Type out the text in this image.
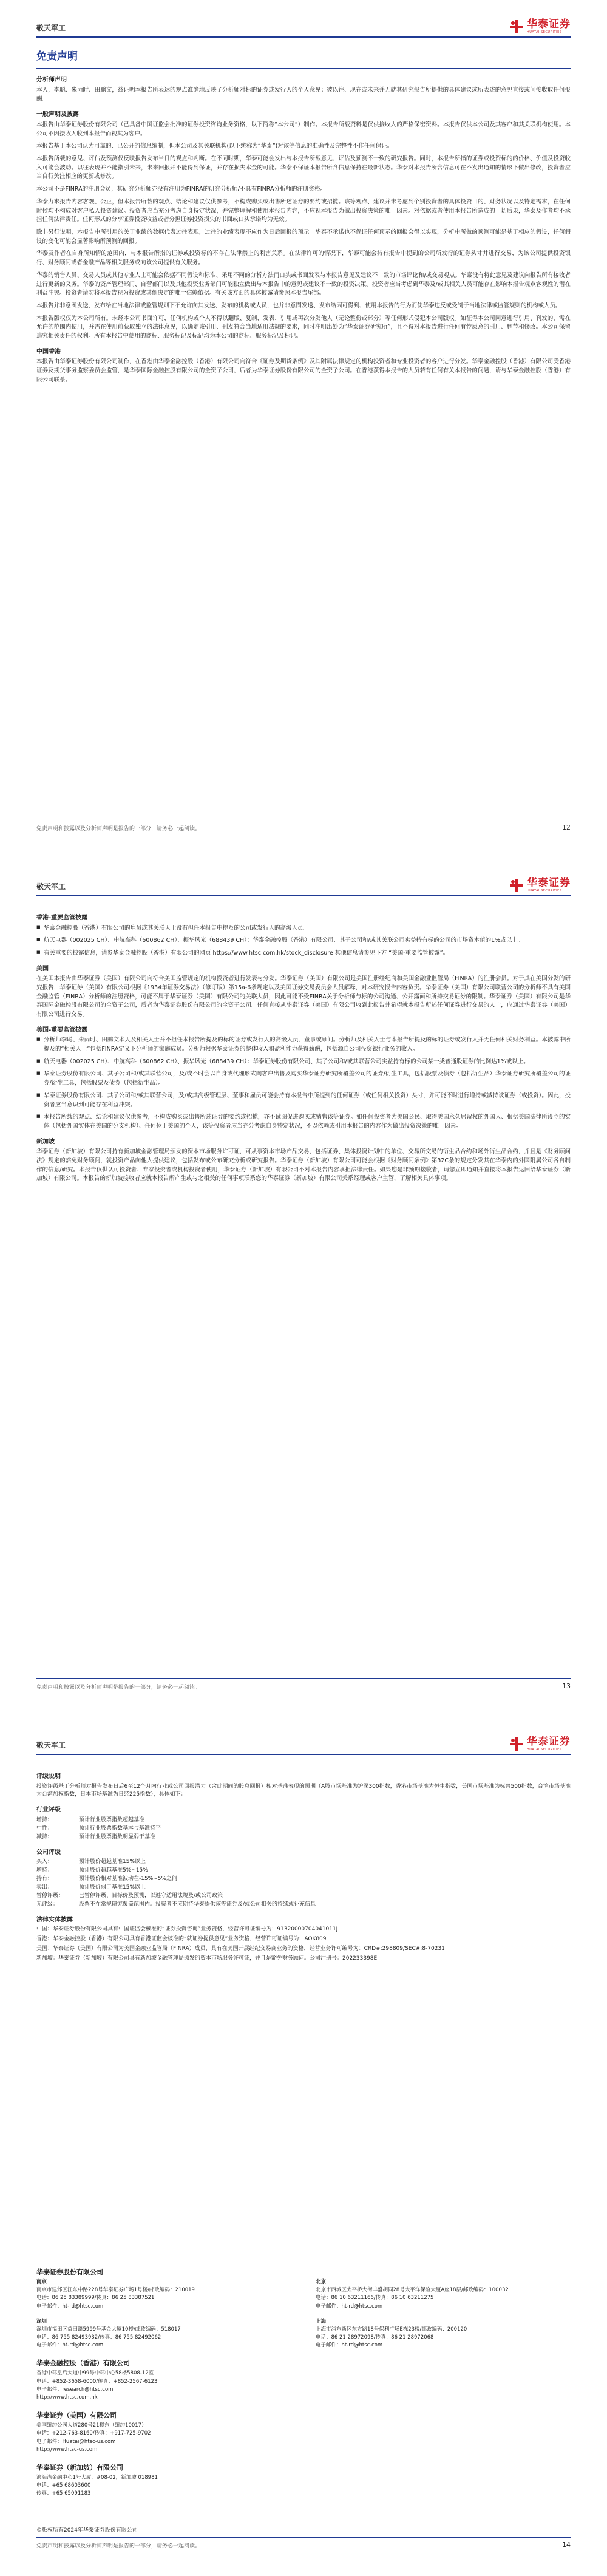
敬天军工	华泰证券
HUATAI SECURITIES
免责声明
分析师声明

本人，李聪、朱雨时、田鹏文，兹证明本报告所表达的观点准确地反映了分析师对标的证券或发行人的个人意见；彼以往、现在或未来并无就其研究报告所提供的具体建议或所表述的意见直接或间接收取任何报酬。

一般声明及披露

本报告由华泰证券股份有限公司（已具备中国证监会批准的证券投资咨询业务资格，以下简称“本公司”）制作。本报告所载资料是仅供接收人的严格保密资料。本报告仅供本公司及其客户和其关联机构使用。本公司不因接收人收到本报告而视其为客户。

本报告基于本公司认为可靠的、已公开的信息编制，但本公司及其关联机构(以下统称为“华泰”)对该等信息的准确性及完整性不作任何保证。

本报告所载的意见、评估及预测仅反映报告发布当日的观点和判断。在不同时期，华泰可能会发出与本报告所载意见、评估及预测不一致的研究报告。同时，本报告所指的证券或投资标的的价格、价值及投资收入可能会波动。以往表现并不能指引未来，未来回报并不能得到保证，并存在损失本金的可能。华泰不保证本报告所含信息保持在最新状态。华泰对本报告所含信息可在不发出通知的情形下做出修改，投资者应当自行关注相应的更新或修改。

本公司不是FINRA的注册会员，其研究分析师亦没有注册为FINRA的研究分析师/不具有FINRA分析师的注册资格。

华泰力求报告内容客观、公正，但本报告所载的观点、结论和建议仅供参考，不构成购买或出售所述证券的要约或招揽。该等观点、建议并未考虑到个别投资者的具体投资目的、财务状况以及特定需求，在任何时候均不构成对客户私人投资建议。投资者应当充分考虑自身特定状况，并完整理解和使用本报告内容，不应视本报告为做出投资决策的唯一因素。对依据或者使用本报告所造成的一切后果，华泰及作者均不承担任何法律责任。任何形式的分享证券投资收益或者分担证券投资损失的书面或口头承诺均为无效。

除非另行说明，本报告中所引用的关于业绩的数据代表过往表现，过往的业绩表现不应作为日后回报的预示。华泰不承诺也不保证任何预示的回报会得以实现，分析中所做的预测可能是基于相应的假设，任何假设的变化可能会显著影响所预测的回报。

华泰及作者在自身所知情的范围内，与本报告所指的证券或投资标的不存在法律禁止的利害关系。在法律许可的情况下，华泰可能会持有报告中提到的公司所发行的证券头寸并进行交易，为该公司提供投资银行、财务顾问或者金融产品等相关服务或向该公司提供有关服务。

华泰的销售人员、交易人员或其他专业人士可能会依据不同假设和标准、采用不同的分析方法而口头或书面发表与本报告意见及建议不一致的市场评论和/或交易观点。华泰没有将此意见及建议向报告所有接收者进行更新的义务。华泰的资产管理部门、自营部门以及其他投资业务部门可能独立做出与本报告中的意见或建议不一致的投资决策。投资者应当考虑到华泰及/或其相关人员可能存在影响本报告观点客观性的潜在利益冲突。投资者请勿将本报告视为投资或其他决定的唯一信赖依据。有关该方面的具体披露请参照本报告尾部。

本报告并非意图发送、发布给在当地法律或监管规则下不允许向其发送、发布的机构或人员，也并非意图发送、发布给因可得到、使用本报告的行为而使华泰违反或受制于当地法律或监管规则的机构或人员。

本报告版权仅为本公司所有。未经本公司书面许可，任何机构或个人不得以翻版、复制、发表、引用或再次分发他人（无论整份或部分）等任何形式侵犯本公司版权。如征得本公司同意进行引用、刊发的，需在允许的范围内使用，并需在使用前获取独立的法律意见，以确定该引用、刊发符合当地适用法规的要求，同时注明出处为“华泰证券研究所”，且不得对本报告进行任何有悖原意的引用、删节和修改。本公司保留追究相关责任的权利。所有本报告中使用的商标、服务标记及标记均为本公司的商标、服务标记及标记。

中国香港

本报告由华泰证券股份有限公司制作，在香港由华泰金融控股（香港）有限公司向符合《证券及期货条例》及其附属法律规定的机构投资者和专业投资者的客户进行分发。华泰金融控股（香港）有限公司受香港证券及期货事务监察委员会监管，是华泰国际金融控股有限公司的全资子公司，后者为华泰证券股份有限公司的全资子公司。在香港获得本报告的人员若有任何有关本报告的问题，请与华泰金融控股（香港）有限公司联系。

免责声明和披露以及分析师声明是报告的一部分，请务必一起阅读。	12
敬天军工	华泰证券
HUATAI SECURITIES
香港-重要监管披露
■ 华泰金融控股（香港）有限公司的雇员或其关联人士没有担任本报告中提及的公司或发行人的高级人员。
■ 航天电器（002025 CH）、中航高科（600862 CH）、振华风光（688439 CH）：华泰金融控股（香港）有限公司、其子公司和/或其关联公司实益持有标的公司的市场资本值的1%或以上。
■ 有关重要的披露信息，请参华泰金融控股（香港）有限公司的网页 https://www.htsc.com.hk/stock_disclosure 其他信息请参见下方 “美国-重要监管披露”。
美国

在美国本报告由华泰证券（美国）有限公司向符合美国监管规定的机构投资者进行发表与分发。华泰证券（美国）有限公司是美国注册经纪商和美国金融业监管局（FINRA）的注册会员。对于其在美国分发的研究报告，华泰证券（美国）有限公司根据《1934年证券交易法》（修订版）第15a-6条规定以及美国证券交易委员会人员解释，对本研究报告内容负责。华泰证券（美国）有限公司联营公司的分析师不具有美国金融监管（FINRA）分析师的注册资格，可能不属于华泰证券（美国）有限公司的关联人员，因此可能不受FINRA关于分析师与标的公司沟通、公开露面和所持交易证券的限制。华泰证券（美国）有限公司是华泰国际金融控股有限公司的全资子公司，后者为华泰证券股份有限公司的全资子公司。任何直接从华泰证券（美国）有限公司收到此报告并希望就本报告所述任何证券进行交易的人士，应通过华泰证券（美国）有限公司进行交易。

美国-重要监管披露
■ 分析师李聪、朱雨时、田鹏文本人及相关人士并不担任本报告所提及的标的证券或发行人的高级人员、董事或顾问。分析师及相关人士与本报告所提及的标的证券或发行人并无任何相关财务利益。本披露中所提及的“相关人士”包括FINRA定义下分析师的家庭成员。分析师根据华泰证券的整体收入和盈利能力获得薪酬，包括源自公司投资银行业务的收入。
■ 航天电器（002025 CH）、中航高科（600862 CH）、振华风光（688439 CH）：华泰证券股份有限公司、其子公司和/或其联营公司实益持有标的公司某一类普通股证券的比例达1%或以上。
■ 华泰证券股份有限公司、其子公司和/或其联营公司，及/或不时会以自身或代理形式向客户出售及购买华泰证券研究所覆盖公司的证券/衍生工具，包括股票及债券（包括衍生品）华泰证券研究所覆盖公司的证券/衍生工具，包括股票及债券（包括衍生品）。
■ 华泰证券股份有限公司、其子公司和/或其联营公司，及/或其高级管理层、董事和雇员可能会持有本报告中所提到的任何证券（或任何相关投资）头寸，并可能不时进行增持或减持该证券（或投资）。因此，投资者应当意识到可能存在利益冲突。
■ 本报告所载的观点、结论和建议仅供参考，不构成购买或出售所述证券的要约或招揽，亦不试图促进购买或销售该等证券。如任何投资者为美国公民、取得美国永久居留权的外国人、根据美国法律所设立的实体（包括外国实体在美国的分支机构）、任何位于美国的个人，该等投资者应当充分考虑自身特定状况，不以依赖或引用本报告的内容作为做出投资决策的唯一因素。
新加坡

华泰证券（新加坡）有限公司持有新加坡金融管理局颁发的资本市场服务许可证，可从事资本市场产品交易，包括证券、集体投资计划中的单位、交易所交易的衍生品合约和场外衍生品合约，并且是《财务顾问法》规定的豁免财务顾问，就投资产品向他人提供建议，包括发布或公布研究分析或研究报告。华泰证券（新加坡）有限公司可能会根据《财务顾问条例》第32C条的规定分发其在华泰内的外国附属公司各自制作的信息/研究。本报告仅供认可投资者、专家投资者或机构投资者使用，华泰证券（新加坡）有限公司不对本报告内容承担法律责任。如果您是非预期接收者，请您立即通知并直接将本报告返回给华泰证券（新加坡）有限公司。本报告的新加坡接收者应就本报告所产生或与之相关的任何事项联系您的华泰证券（新加坡）有限公司关系经理或客户主管，了解相关具体事项。

免责声明和披露以及分析师声明是报告的一部分，请务必一起阅读。	13
敬天军工	华泰证券
HUATAI SECURITIES
评级说明

投资评级基于分析师对报告发布日后6至12个月内行业或公司回报潜力（含此期间的股息回报）相对基准表现的预期（A股市场基准为沪深300指数，香港市场基准为恒生指数，美国市场基准为标普500指数，台湾市场基准为台湾加权指数，日本市场基准为日经225指数），具体如下：

行业评级
增持：	预计行业股票指数超越基准
中性：	预计行业股票指数基本与基准持平
减持：	预计行业股票指数明显弱于基准
公司评级
买入：	预计股价超越基准15%以上
增持：	预计股价超越基准5%~15%
持有：	预计股价相对基准波动在-15%~5%之间
卖出：	预计股价弱于基准15%以上
暂停评级：	已暂停评级、目标价及预测，以遵守适用法规及/或公司政策
无评级：	股票不在常规研究覆盖范围内。投资者不应期待华泰提供该等证券及/或公司相关的持续或补充信息
法律实体披露

中国：华泰证券股份有限公司具有中国证监会核准的“证券投资咨询”业务资格，经营许可证编号为：91320000704041011J

香港：华泰金融控股（香港）有限公司具有香港证监会核准的“就证券提供意见”业务资格，经营许可证编号为：AOK809

美国：华泰证券（美国）有限公司为美国金融业监管局（FINRA）成员，具有在美国开展经纪交易商业务的资格，经营业务许可编号为：CRD#:298809/SEC#:8-70231

新加坡：华泰证券（新加坡）有限公司具有新加坡金融管理局颁发的资本市场服务许可证，并且是豁免财务顾问。公司注册号：202233398E

华泰证券股份有限公司
南京
南京市建邺区江东中路228号华泰证券广场1号楼/邮政编码：210019
电话：86 25 83389999/传真：86 25 83387521
电子邮件：ht-rd@htsc.com
北京
北京市西城区太平桥大街丰盛胡同28号太平洋保险大厦A座18层/邮政编码：100032
电话：86 10 63211166/传真：86 10 63211275
电子邮件：ht-rd@htsc.com
深圳
深圳市福田区益田路5999号基金大厦10楼/邮政编码：518017
电话：86 755 82493932/传真：86 755 82492062
电子邮件：ht-rd@htsc.com
上海
上海市浦东新区东方路18号保利广场E栋23楼/邮政编码：200120
电话：86 21 28972098/传真：86 21 28972068
电子邮件：ht-rd@htsc.com
华泰金融控股（香港）有限公司
香港中环皇后大道中99号中环中心58楼5808-12室
电话：+852-3658-6000/传真：+852-2567-6123
电子邮件：research@htsc.com
http://www.htsc.com.hk
华泰证券（美国）有限公司
美国纽约公园大道280号21楼东（纽约10017）
电话：+212-763-8160/传真：+917-725-9702
电子邮件：Huatai@htsc-us.com
http://www.htsc-us.com
华泰证券（新加坡）有限公司
滨海湾金融中心1号大厦，#08-02，新加坡 018981
电话：+65 68603600
传真：+65 65091183
©版权所有2024年华泰证券股份有限公司
免责声明和披露以及分析师声明是报告的一部分，请务必一起阅读。	14
